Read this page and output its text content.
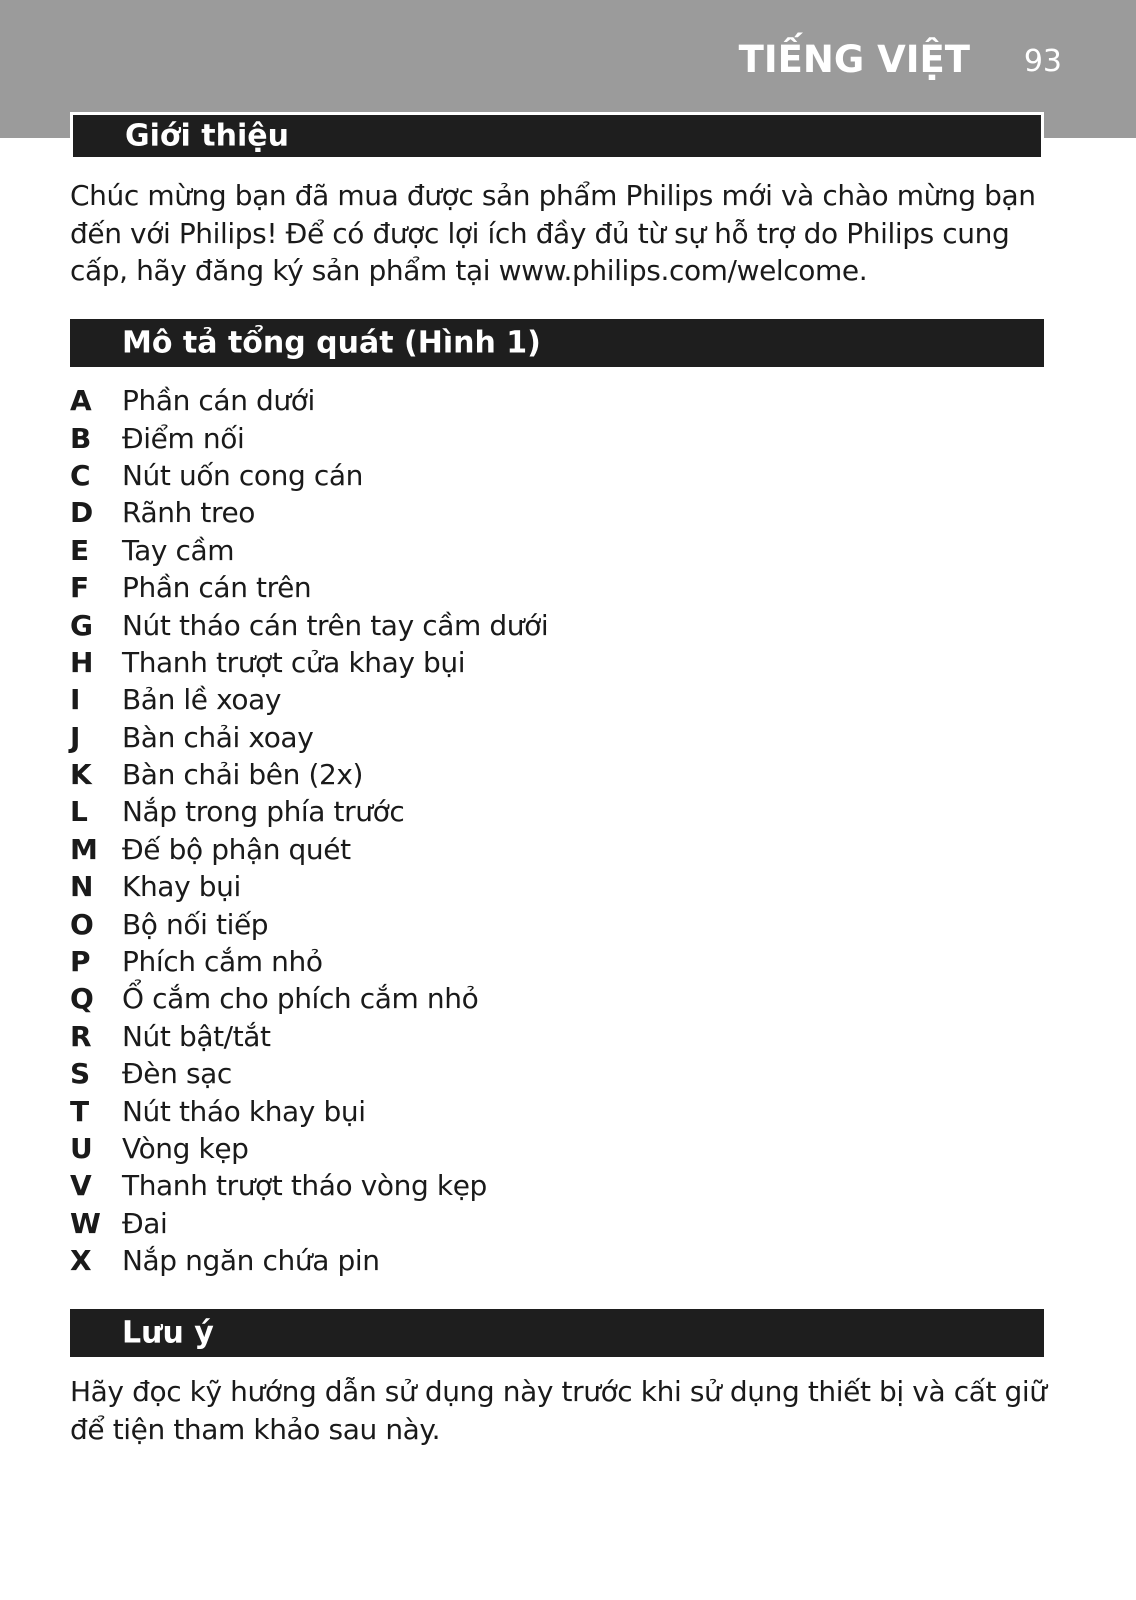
TIẾNG VIỆT 93
Giới thiệu
Chúc mừng bạn đã mua được sản phẩm Philips mới và chào mừng bạn
đến với Philips! Để có được lợi ích đầy đủ từ sự hỗ trợ do Philips cung
cấp, hãy đăng ký sản phẩm tại www.philips.com/welcome.
Mô tả tổng quát (Hình 1)
A	Phần cán dưới
B	Điểm nối
C	Nút uốn cong cán
D	Rãnh treo
E	Tay cầm
F	Phần cán trên
G	Nút tháo cán trên tay cầm dưới
H	Thanh trượt cửa khay bụi
I	Bản lề xoay
J	Bàn chải xoay
K	Bàn chải bên (2x)
L	Nắp trong phía trước
M Đế bộ phận quét
N	Khay bụi
O	Bộ nối tiếp
P	Phích cắm nhỏ
Q	Ổ cắm cho phích cắm nhỏ
R	Nút bật/tắt
S	Đèn sạc
T	Nút tháo khay bụi
U	Vòng kẹp
V	Thanh trượt tháo vòng kẹp
W Đai
X	Nắp ngăn chứa pin
Lưu ý
Hãy đọc kỹ hướng dẫn sử dụng này trước khi sử dụng thiết bị và cất giữ
để tiện tham khảo sau này.
